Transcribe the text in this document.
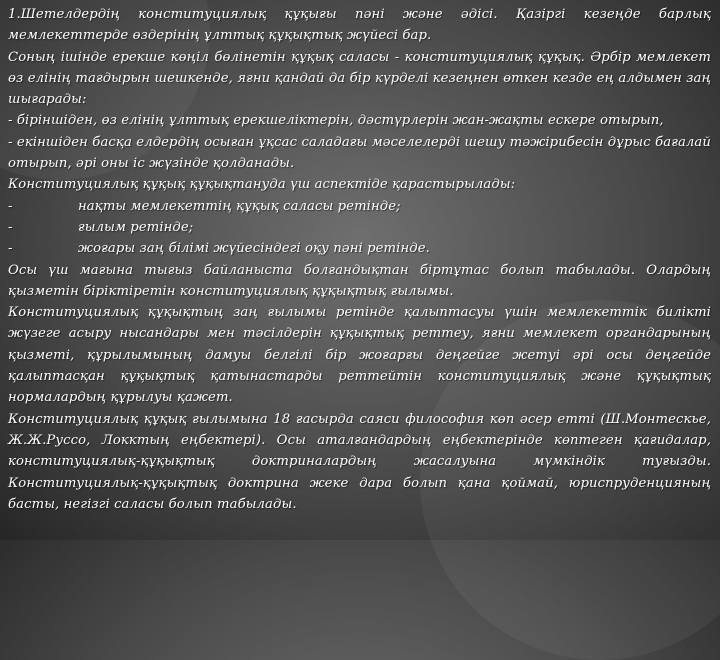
1.Шетелдердің конституциялық құқығы пәні және әдісі. Қазіргі кезеңде барлық мемлекеттерде өздерінің ұлттық құқықтық жүйесі бар.

Соның ішінде ерекше көңіл бөлінетін құқық саласы - конституциялық құқық. Әрбір мемлекет өз елінің тағдырын шешкенде, яғни қандай да бір күрделі кезеңнен өткен кезде ең алдымен заң шығарады:

- біріншіден, өз елінің ұлттық ерекшеліктерін, дәстүрлерін жан-жақты ескере отырып,

- екіншіден басқа елдердің осыған ұқсас саладағы мәселелерді шешу тәжірибесін дұрыс бағалай отырып, әрі оны іс жүзінде қолданады.

Конституциялық құқық құқықтануда үш аспектіде қарастырылады:

-	нақты мемлекеттің құқық саласы ретінде;
-	ғылым ретінде;
-	жоғары заң білімі жүйесіндегі оқу пәні ретінде.

Осы үш мағына тығыз байланыста болғандықтан біртұтас болып табылады. Олардың қызметін біріктіретін конституциялық құқықтық ғылымы.

Конституциялық құқықтың заң ғылымы ретінде қалыптасуы үшін мемлекеттік билікті жүзеге асыру нысандары мен тәсілдерін құқықтық реттеу, яғни мемлекет органдарының қызметі, құрылымының дамуы белгілі бір жоғарғы деңгейге жетуі әрі осы деңгейде қалыптасқан құқықтық қатынастарды реттейтін конституциялық және құқықтық нормалардың құрылуы қажет.

Конституциялық құқық ғылымына 18 ғасырда саяси философия көп әсер етті (Ш.Монтескье, Ж.Ж.Руссо, Локктың еңбектері). Осы аталғандардың еңбектерінде көптеген қағидалар, конституциялық-құқықтық доктриналардың жасалуына мүмкіндік туғызды. Конституциялық-құқықтық доктрина жеке дара болып қана қоймай, юриспруденцияның басты, негізгі саласы болып табылады.
